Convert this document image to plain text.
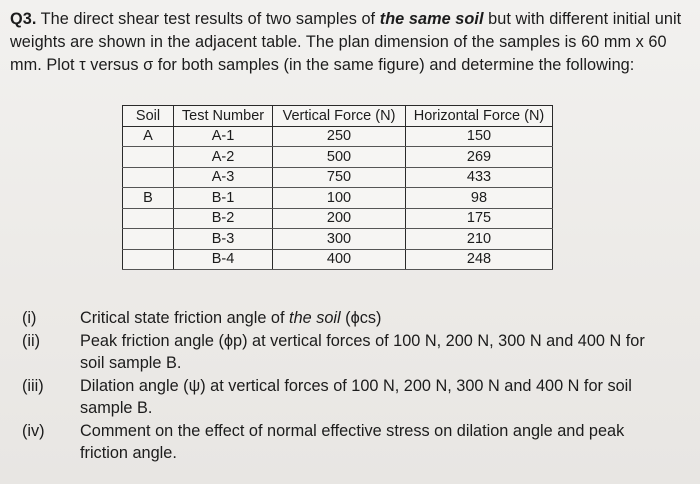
Q3. The direct shear test results of two samples of the same soil but with different initial unit weights are shown in the adjacent table. The plan dimension of the samples is 60 mm x 60 mm. Plot τ versus σ for both samples (in the same figure) and determine the following:
Soil	Test Number	Vertical Force (N)	Horizontal Force (N)
A	A-1	250	150
	A-2	500	269
	A-3	750	433
B	B-1	100	98
	B-2	200	175
	B-3	300	210
	B-4	400	248
(i)	Critical state friction angle of the soil (ϕcs)
(ii)	Peak friction angle (ϕp) at vertical forces of 100 N, 200 N, 300 N and 400 N for soil sample B.
(iii)	Dilation angle (ψ) at vertical forces of 100 N, 200 N, 300 N and 400 N for soil sample B.
(iv)	Comment on the effect of normal effective stress on dilation angle and peak friction angle.
